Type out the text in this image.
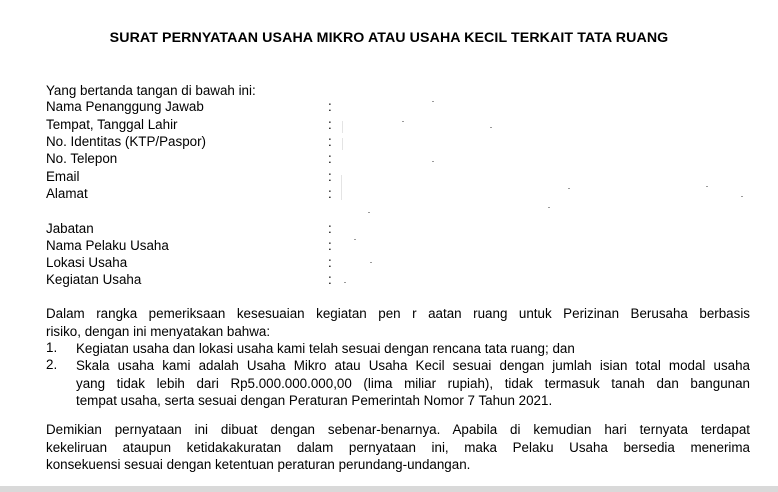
SURAT PERNYATAAN USAHA MIKRO ATAU USAHA KECIL TERKAIT TATA RUANG
Yang bertanda tangan di bawah ini:
Nama Penanggung Jawab	:
Tempat, Tanggal Lahir	:
No. Identitas (KTP/Paspor)	:
No. Telepon	:
Email	:
Alamat	:
Jabatan	:
Nama Pelaku Usaha	:
Lokasi Usaha	:
Kegiatan Usaha	:
Dalam rangka pemeriksaan kesesuaian kegiatan pen r aatan ruang untuk Perizinan Berusaha berbasis
risiko, dengan ini menyatakan bahwa:
1. Kegiatan usaha dan lokasi usaha kami telah sesuai dengan rencana tata ruang; dan
2. Skala usaha kami adalah Usaha Mikro atau Usaha Kecil sesuai dengan jumlah isian total modal usaha
yang tidak lebih dari Rp5.000.000.000,00 (lima miliar rupiah), tidak termasuk tanah dan bangunan
tempat usaha, serta sesuai dengan Peraturan Pemerintah Nomor 7 Tahun 2021.
Demikian pernyataan ini dibuat dengan sebenar-benarnya. Apabila di kemudian hari ternyata terdapat
kekeliruan ataupun ketidakakuratan dalam pernyataan ini, maka Pelaku Usaha bersedia menerima
konsekuensi sesuai dengan ketentuan peraturan perundang-undangan.
